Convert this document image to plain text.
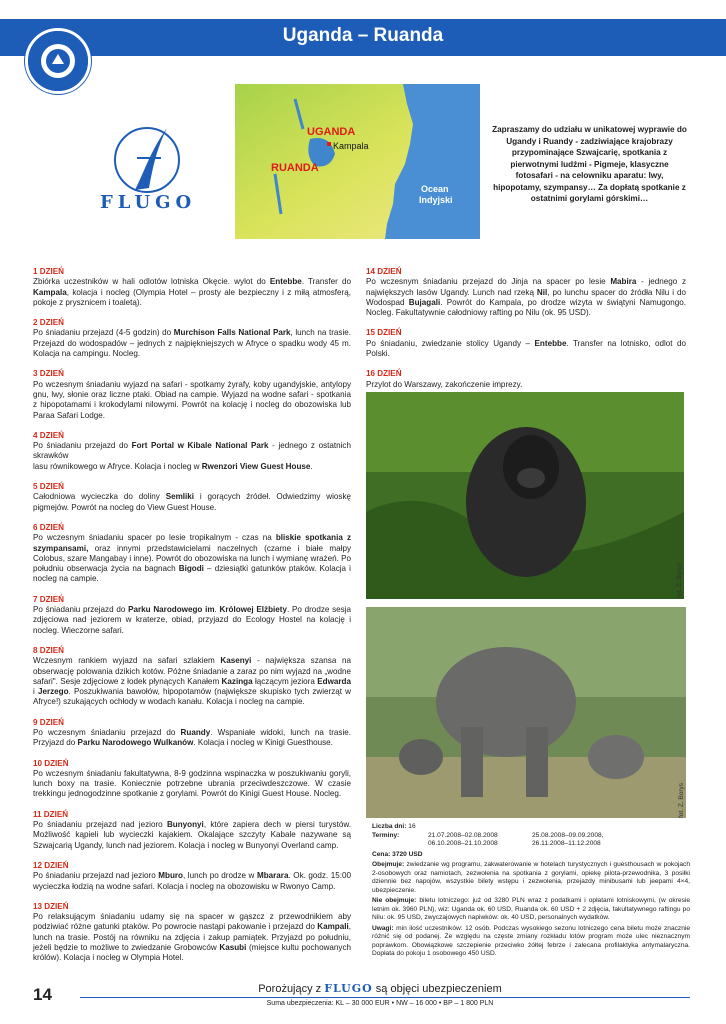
Uganda – Ruanda
FLUGO
UGANDA
Kampala
RUANDA
Ocean
Indyjski
Zapraszamy do udziału w unikatowej wyprawie do Ugandy i Ruandy - zadziwiające krajobrazy przypominające Szwajcarię, spotkania z pierwotnymi ludźmi - Pigmeje, klasyczne fotosafari - na celowniku aparatu: lwy, hipopotamy, szympansy… Za dopłatą spotkanie z ostatnimi gorylami górskimi…
1 DZIEŃ
Zbiórka uczestników w hali odlotów lotniska Okęcie. wylot do Entebbe. Transfer do Kampala, kolacja i nocleg (Olympia Hotel – prosty ale bezpieczny i z miłą atmosferą, pokoje z prysznicem i toaletą).
2 DZIEŃ
Po śniadaniu przejazd (4-5 godzin) do Murchison Falls National Park, lunch na trasie. Przejazd do wodospadów – jednych z najpiękniejszych w Afryce o spadku wody 45 m. Kolacja na campingu. Nocleg.
3 DZIEŃ
Po wczesnym śniadaniu wyjazd na safari - spotkamy żyrafy, koby ugandyjskie, antylopy gnu, lwy, słonie oraz liczne ptaki. Obiad na campie. Wyjazd na wodne safari - spotkania z hipopotamami i krokodylami nilowymi. Powrót na kolację i nocleg do obozowiska lub Paraa Safari Lodge.
4 DZIEŃ
Po śniadaniu przejazd do Fort Portal w Kibale National Park - jednego z ostatnich skrawków
lasu równikowego w Afryce. Kolacja i nocleg w Rwenzori View Guest House.
5 DZIEŃ
Całodniowa wycieczka do doliny Semliki i gorących źródeł. Odwiedzimy wioskę pigmejów. Powrót na nocleg do View Guest House.
6 DZIEŃ
Po wczesnym śniadaniu spacer po lesie tropikalnym - czas na bliskie spotkania z szympansami, oraz innymi przedstawicielami naczelnych (czarne i białe małpy Colobus, szare Mangabay i inne). Powrót do obozowiska na lunch i wymianę wrażeń. Po południu obserwacja życia na bagnach Bigodi – dziesiątki gatunków ptaków. Kolacja i nocleg na campie.
7 DZIEŃ
Po śniadaniu przejazd do Parku Narodowego im. Królowej Elżbiety. Po drodze sesja zdjęciowa nad jeziorem w kraterze, obiad, przyjazd do Ecology Hostel na kolację i nocleg. Wieczorne safari.
8 DZIEŃ
Wczesnym rankiem wyjazd na safari szlakiem Kasenyi - największa szansa na obserwację polowania dzikich kotów. Póżne śniadanie a zaraz po nim wyjazd na „wodne safari". Sesje zdjęciowe z łodek płynących Kanałem Kazinga łączącym jeziora Edwarda i Jerzego. Poszukiwania bawołów, hipopotamów (największe skupisko tych zwierząt w Afryce!) szukających ochłody w wodach kanału. Kolacja i nocleg na campie.
9 DZIEŃ
Po wczesnym śniadaniu przejazd do Ruandy. Wspaniałe widoki, lunch na trasie. Przyjazd do Parku Narodowego Wulkanów. Kolacja i nocleg w Kinigi Guesthouse.
10 DZIEŃ
Po wczesnym śniadaniu fakultatywna, 8-9 godzinna wspinaczka w poszukiwaniu goryli, lunch boxy na trasie. Koniecznie potrzebne ubrania przeciwdeszczowe. W czasie trekkingu jednogodzinne spotkanie z gorylami. Powrót do Kinigi Guest House. Nocleg.
11 DZIEŃ
Po śniadaniu przejazd nad jezioro Bunyonyi, które zapiera dech w piersi turystów. Możliwość kąpieli lub wycieczki kajakiem. Okalające szczyty Kabale nazywane są Szwajcarią Ugandy, lunch nad jeziorem. Kolacja i nocleg w Bunyonyi Overland camp.
12 DZIEŃ
Po śniadaniu przejazd nad jezioro Mburo, lunch po drodze w Mbarara. Ok. godz. 15:00 wycieczka łodzią na wodne safari. Kolacja i nocleg na obozowisku w Rwonyo Camp.
13 DZIEŃ
Po relaksującym śniadaniu udamy się na spacer w gąszcz z przewodnikiem aby podziwiać różne gatunki ptaków. Po powrocie nastąpi pakowanie i przejazd do Kampali, lunch na trasie. Postój na równiku na zdjęcia i zakup pamiątek. Przyjazd po południu, jeżeli będzie to możliwe to zwiedzanie Grobowców Kasubi (miejsce kultu pochowanych królów). Kolacja i nocleg w Olympia Hotel.
14 DZIEŃ
Po wczesnym śniadaniu przejazd do Jinja na spacer po lesie Mabira - jednego z największych lasów Ugandy. Lunch nad rzeką Nil, po lunchu spacer do źródła Nilu i do Wodospad Bujagali. Powrót do Kampala, po drodze wizyta w świątyni Namugongo. Nocleg. Fakultatywnie całodniowy rafting po Nilu (ok. 95 USD).
15 DZIEŃ
Po śniadaniu, zwiedzanie stolicy Ugandy – Entebbe. Transfer na lotnisko, odlot do Polski.
16 DZIEŃ
Przylot do Warszawy, zakończenie imprezy.
fot. Z. Borys
fot. Z. Borys
Liczba dni:
16
Terminy:	21.07.2008–02.08.2008	25.08.2008–09.09.2008,
06.10.2008–21.10.2008	26.11.2008–11.12.2008

Cena: 3720 USD

Obejmuje: zwiedzanie wg programu, zakwaterowanie w hotelach turystycznych i guesthousach w pokojach 2-osobowych oraz namiotach, zezwolenia na spotkania z gorylami, opiekę pilota-przewodnika, 3 posiłki dziennie bez napojów, wszystkie bilety wstępu i zezwolenia, przejazdy minibusami lub jeepami 4×4, ubezpieczenie.

Nie obejmuje: biletu lotniczego: już od 3280 PLN wraz z podatkami i opłatami lotniskowymi, (w okresie letnim ok. 3960 PLN), wiz: Uganda ok. 60 USD, Ruanda ok. 60 USD + 2 zdjęcia, fakultatywnego raftingu po Nilu: ok. 95 USD, zwyczajowych napiwków: ok. 40 USD, personalnych wydatków.

Uwagi: min ilość uczestników: 12 osób. Podczas wysokiego sezonu lotniczego cena biletu może znacznie różnić się od podanej. Ze względu na częste zmiany rozkładu lotów program może ulec nieznacznym poprawkom. Obowiązkowe szczepienie przeciwko żółtej febrze i zalecana profilaktyka antymalaryczna. Dopłata do pokoju 1 osobowego 450 USD.

14	Porożujący z FLUGO są objęci ubezpieczeniem
Suma ubezpieczenia: KL – 30 000 EUR • NW – 16 000 • BP – 1 800 PLN
